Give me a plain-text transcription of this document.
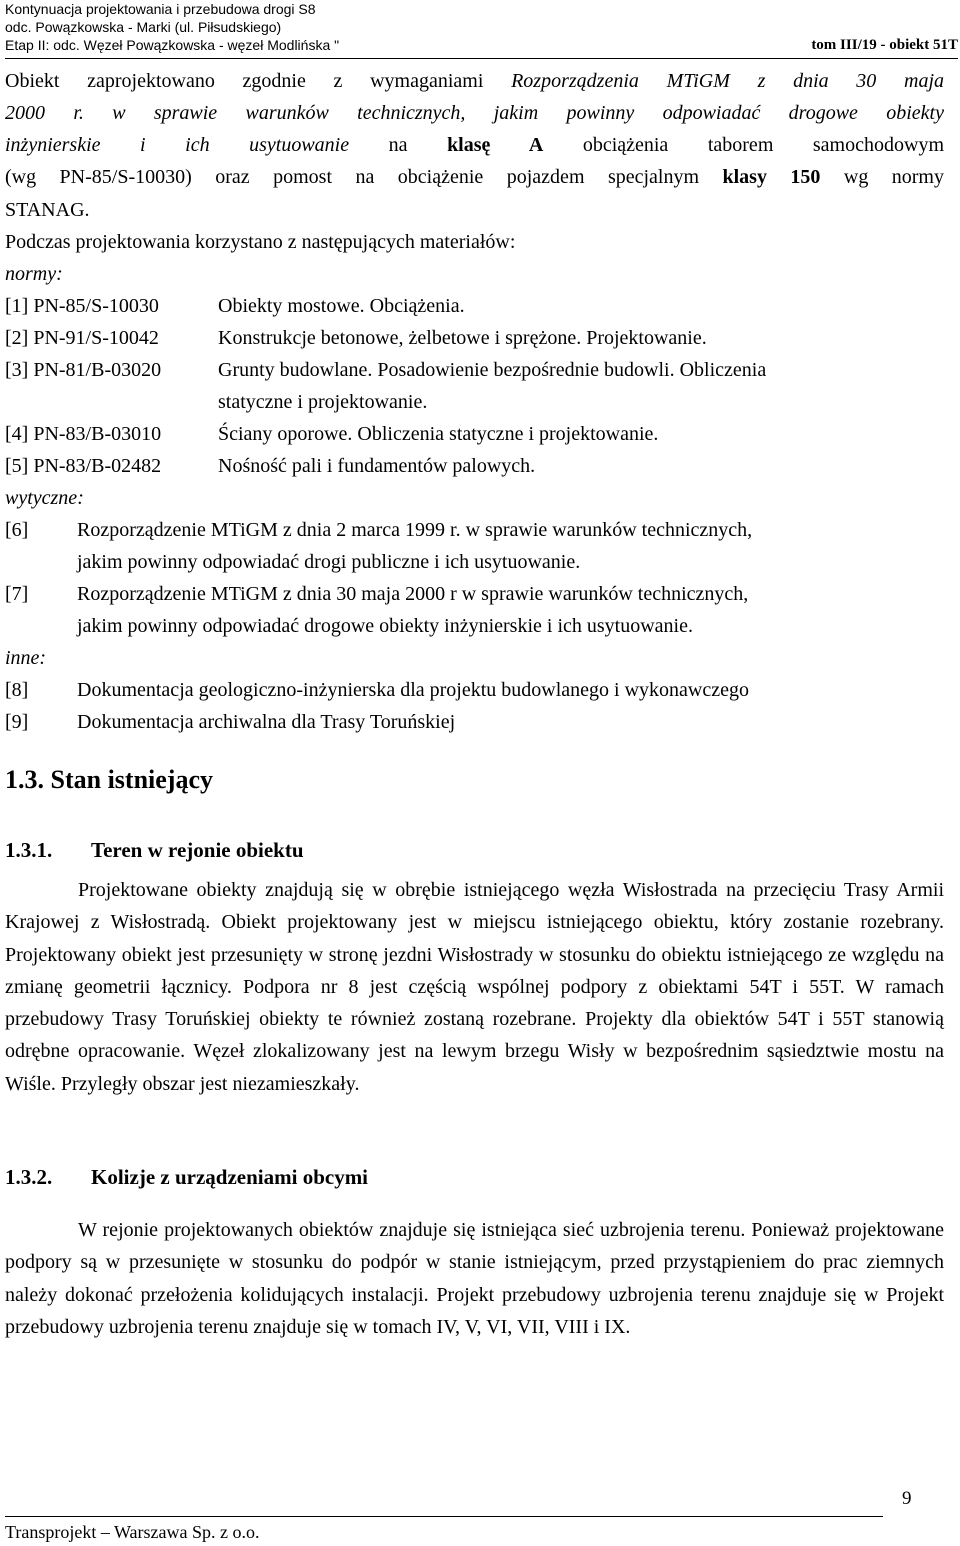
Kontynuacja projektowania i przebudowa drogi S8
odc. Powązkowska - Marki (ul. Piłsudskiego)
Etap II: odc. Węzeł Powązkowska - węzeł Modlińska "	tom III/19 - obiekt 51T
Obiekt zaprojektowano zgodnie z wymaganiami Rozporządzenia MTiGM z dnia 30 maja
2000 r. w sprawie warunków technicznych, jakim powinny odpowiadać drogowe obiekty
inżynierskie i ich usytuowanie na klasę A obciążenia taborem samochodowym
(wg PN-85/S-10030) oraz pomost na obciążenie pojazdem specjalnym klasy 150 wg normy
STANAG.
Podczas projektowania korzystano z następujących materiałów:
normy:
[1] PN-85/S-10030	Obiekty mostowe. Obciążenia.
[2] PN-91/S-10042	Konstrukcje betonowe, żelbetowe i sprężone. Projektowanie.
[3] PN-81/B-03020	Grunty budowlane. Posadowienie bezpośrednie budowli. Obliczenia
statyczne i projektowanie.
[4] PN-83/B-03010	Ściany oporowe. Obliczenia statyczne i projektowanie.
[5] PN-83/B-02482	Nośność pali i fundamentów palowych.
wytyczne:
[6]	Rozporządzenie MTiGM z dnia 2 marca 1999 r. w sprawie warunków technicznych,
jakim powinny odpowiadać drogi publiczne i ich usytuowanie.
[7]	Rozporządzenie MTiGM z dnia 30 maja 2000 r w sprawie warunków technicznych,
jakim powinny odpowiadać drogowe obiekty inżynierskie i ich usytuowanie.
inne:
[8]	Dokumentacja geologiczno-inżynierska dla projektu budowlanego i wykonawczego
[9]	Dokumentacja archiwalna dla Trasy Toruńskiej
1.3. Stan istniejący
1.3.1.	Teren w rejonie obiektu
Projektowane obiekty znajdują się w obrębie istniejącego węzła Wisłostrada na przecięciu Trasy Armii Krajowej z Wisłostradą. Obiekt projektowany jest w miejscu istniejącego obiektu, który zostanie rozebrany. Projektowany obiekt jest przesunięty w stronę jezdni Wisłostrady w stosunku do obiektu istniejącego ze względu na zmianę geometrii łącznicy. Podpora nr 8 jest częścią wspólnej podpory z obiektami 54T i 55T. W ramach przebudowy Trasy Toruńskiej obiekty te również zostaną rozebrane. Projekty dla obiektów 54T i 55T stanowią odrębne opracowanie. Węzeł zlokalizowany jest na lewym brzegu Wisły w bezpośrednim sąsiedztwie mostu na Wiśle. Przyległy obszar jest niezamieszkały.
1.3.2.	Kolizje z urządzeniami obcymi
W rejonie projektowanych obiektów znajduje się istniejąca sieć uzbrojenia terenu. Ponieważ projektowane podpory są w przesunięte w stosunku do podpór w stanie istniejącym, przed przystąpieniem do prac ziemnych należy dokonać przełożenia kolidujących instalacji. Projekt przebudowy uzbrojenia terenu znajduje się w Projekt przebudowy uzbrojenia terenu znajduje się w tomach IV, V, VI, VII, VIII i IX.
9
Transprojekt – Warszawa Sp. z o.o.
